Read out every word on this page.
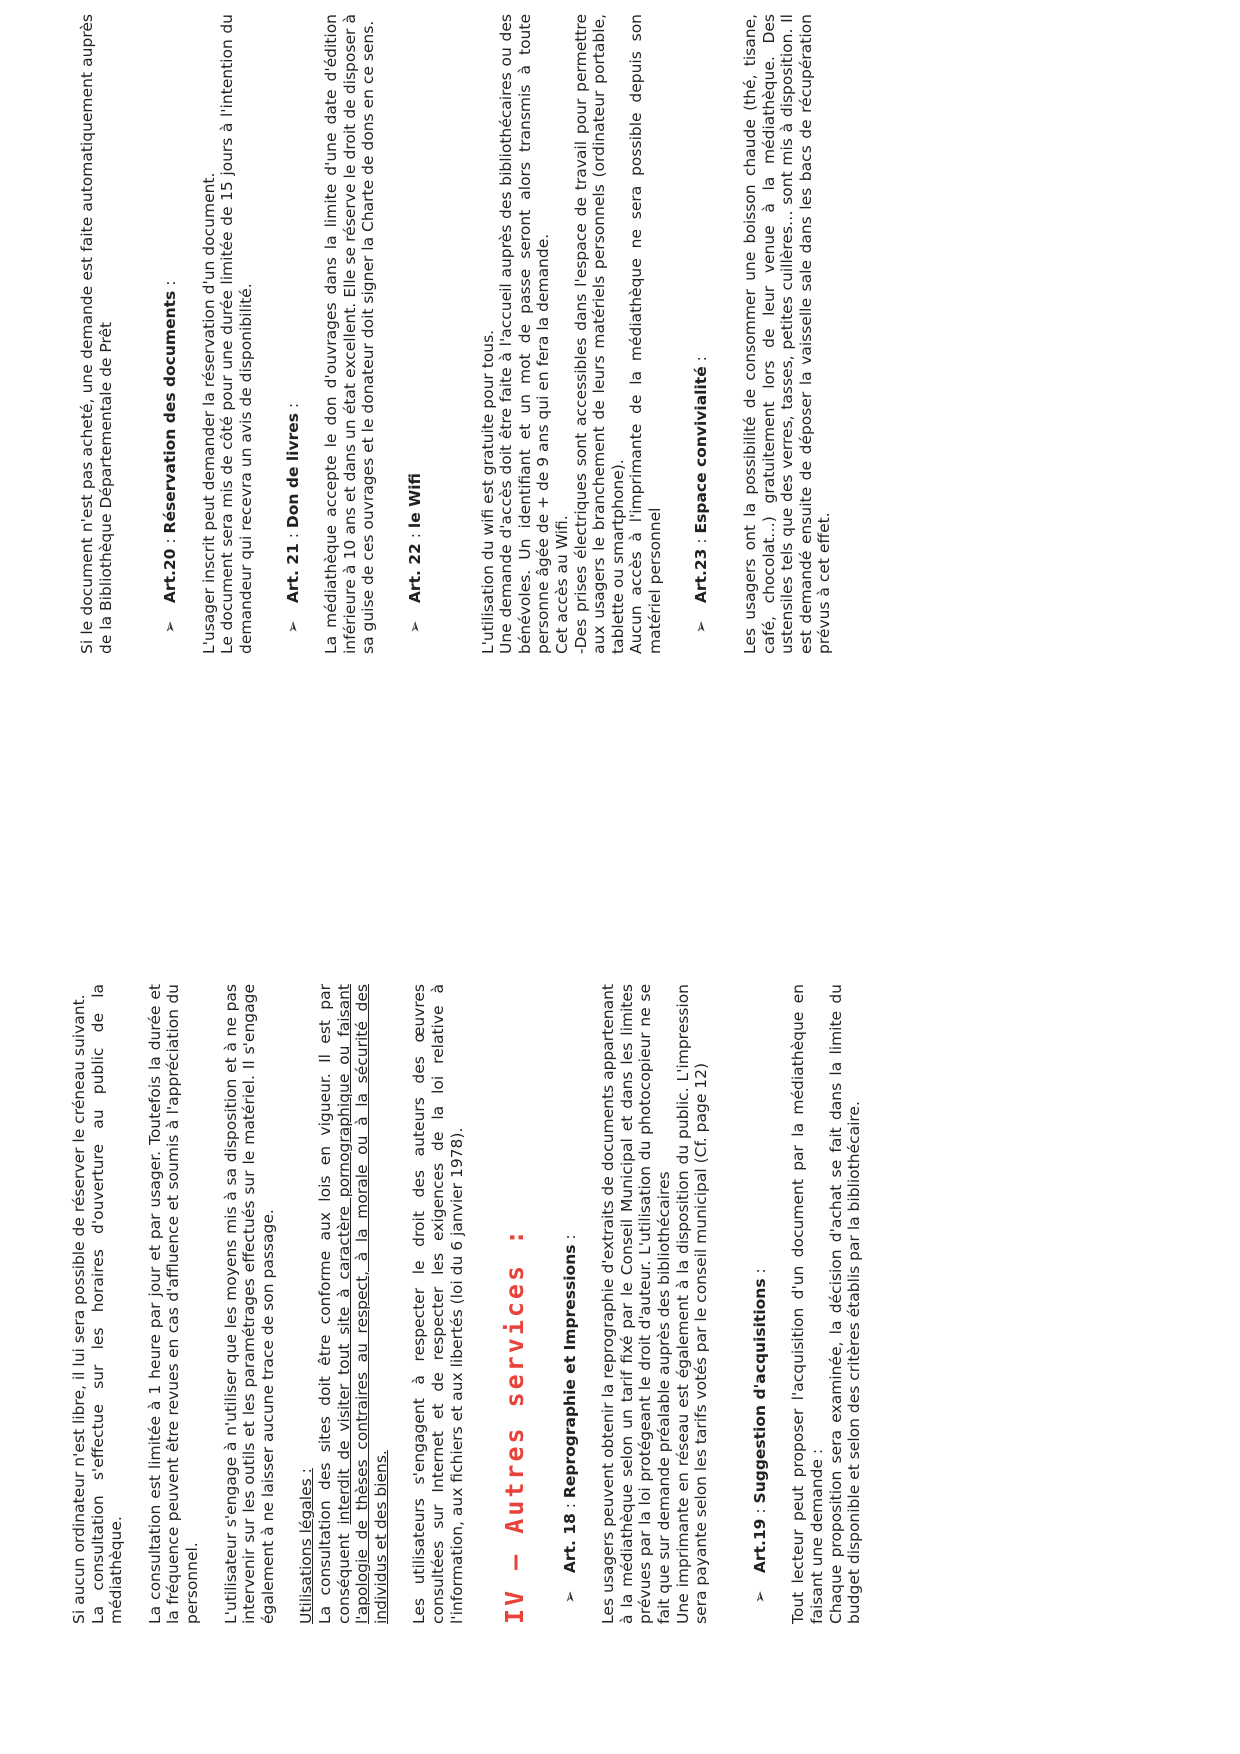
Si aucun ordinateur n'est libre, il lui sera possible de réserver le créneau suivant. La consultation s'effectue sur les horaires d'ouverture au public de la médiathèque. La consultation est limitée à 1 heure par jour et par usager. Toutefois la durée et la fréquence peuvent être revues en cas d'affluence et soumis à l'appréciation du personnel. L'utilisateur s'engage à n'utiliser que les moyens mis à sa disposition et à ne pas intervenir sur les outils et les paramétrages effectués sur le matériel. Il s'engage également à ne laisser aucune trace de son passage. Utilisations légales : La consultation des sites doit être conforme aux lois en vigueur. Il est par conséquent interdit de visiter tout site à caractère pornographique ou faisant l'apologie de thèses contraires au respect, à la morale ou à la sécurité des individus et des biens. Les utilisateurs s'engagent à respecter le droit des auteurs des œuvres consultées sur Internet et de respecter les exigences de la loi relative à l'information, aux fichiers et aux libertés (loi du 6 janvier 1978). IV – Autres services : ➢ Art. 18 : Reprographie et Impressions : Les usagers peuvent obtenir la reprographie d'extraits de documents appartenant à la médiathèque selon un tarif fixé par le Conseil Municipal et dans les limites prévues par la loi protégeant le droit d'auteur. L'utilisation du photocopieur ne se fait que sur demande préalable auprès des bibliothécaires Une imprimante en réseau est également à la disposition du public. L'impression sera payante selon les tarifs votés par le conseil municipal (Cf. page 12)	➢ Art.19 : Suggestion d'acquisitions : Tout lecteur peut proposer l'acquisition d'un document par la médiathèque en faisant une demande : Chaque proposition sera examinée, la décision d'achat se fait dans la limite du budget disponible et selon des critères établis par la bibliothécaire.

Si le document n'est pas acheté, une demande est faite automatiquement auprès de la Bibliothèque Départementale de Prêt	➢ Art.20 : Réservation des documents : L'usager inscrit peut demander la réservation d'un document. Le document sera mis de côté pour une durée limitée de 15 jours à l'intention du demandeur qui recevra un avis de disponibilité. ➢ Art. 21 : Don de livres : La médiathèque accepte le don d'ouvrages dans la limite d'une date d'édition inférieure à 10 ans et dans un état excellent. Elle se réserve le droit de disposer à sa guise de ces ouvrages et le donateur doit signer la Charte de dons en ce sens. ➢ Art. 22 : le Wifi	L'utilisation du wifi est gratuite pour tous. Une demande d'accès doit être faite à l'accueil auprès des bibliothécaires ou des bénévoles. Un identifiant et un mot de passe seront alors transmis à toute personne âgée de + de 9 ans qui en fera la demande. Cet accès au Wifi. -Des prises électriques sont accessibles dans l'espace de travail pour permettre aux usagers le branchement de leurs matériels personnels (ordinateur portable, tablette ou smartphone). Aucun accès à l'imprimante de la médiathèque ne sera possible depuis son matériel personnel ➢ Art.23 : Espace convivialité : Les usagers ont la possibilité de consommer une boisson chaude (thé, tisane, café, chocolat…) gratuitement lors de leur venue à la médiathèque. Des ustensiles tels que des verres, tasses, petites cuillères… sont mis à disposition. Il est demandé ensuite de déposer la vaisselle sale dans les bacs de récupération prévus à cet effet.
